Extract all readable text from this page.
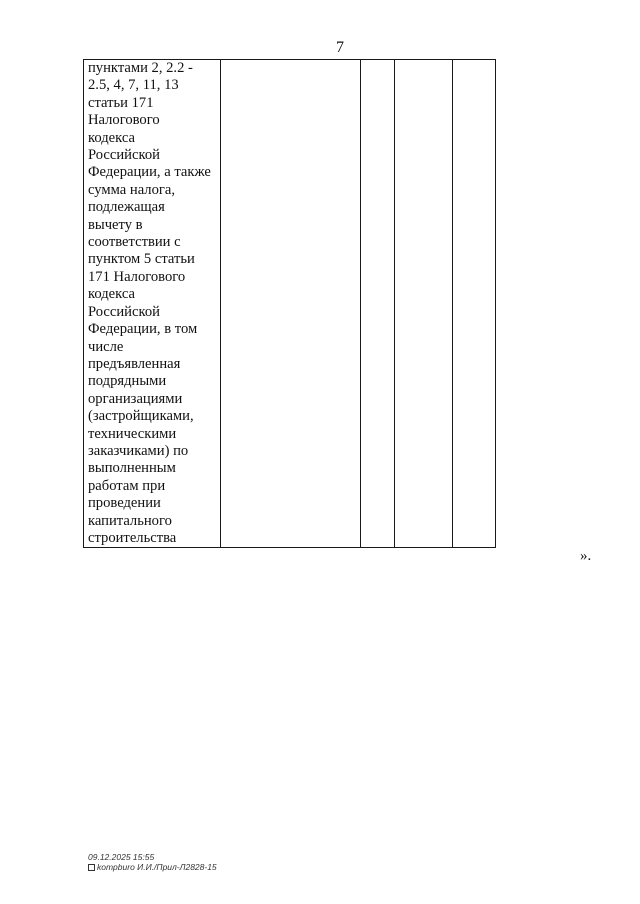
7
пунктами 2, 2.2 -
2.5, 4, 7, 11, 13
статьи 171
Налогового
кодекса
Российской
Федерации, а также
сумма налога,
подлежащая
вычету в
соответствии с
пунктом 5 статьи
171 Налогового
кодекса
Российской
Федерации, в том
числе
предъявленная
подрядными
организациями
(застройщиками,
техническими
заказчиками) по
выполненным
работам при
проведении
капитального
строительства

».
09.12.2025 15:55
kompburo И.И./Прил-Л2828-15
